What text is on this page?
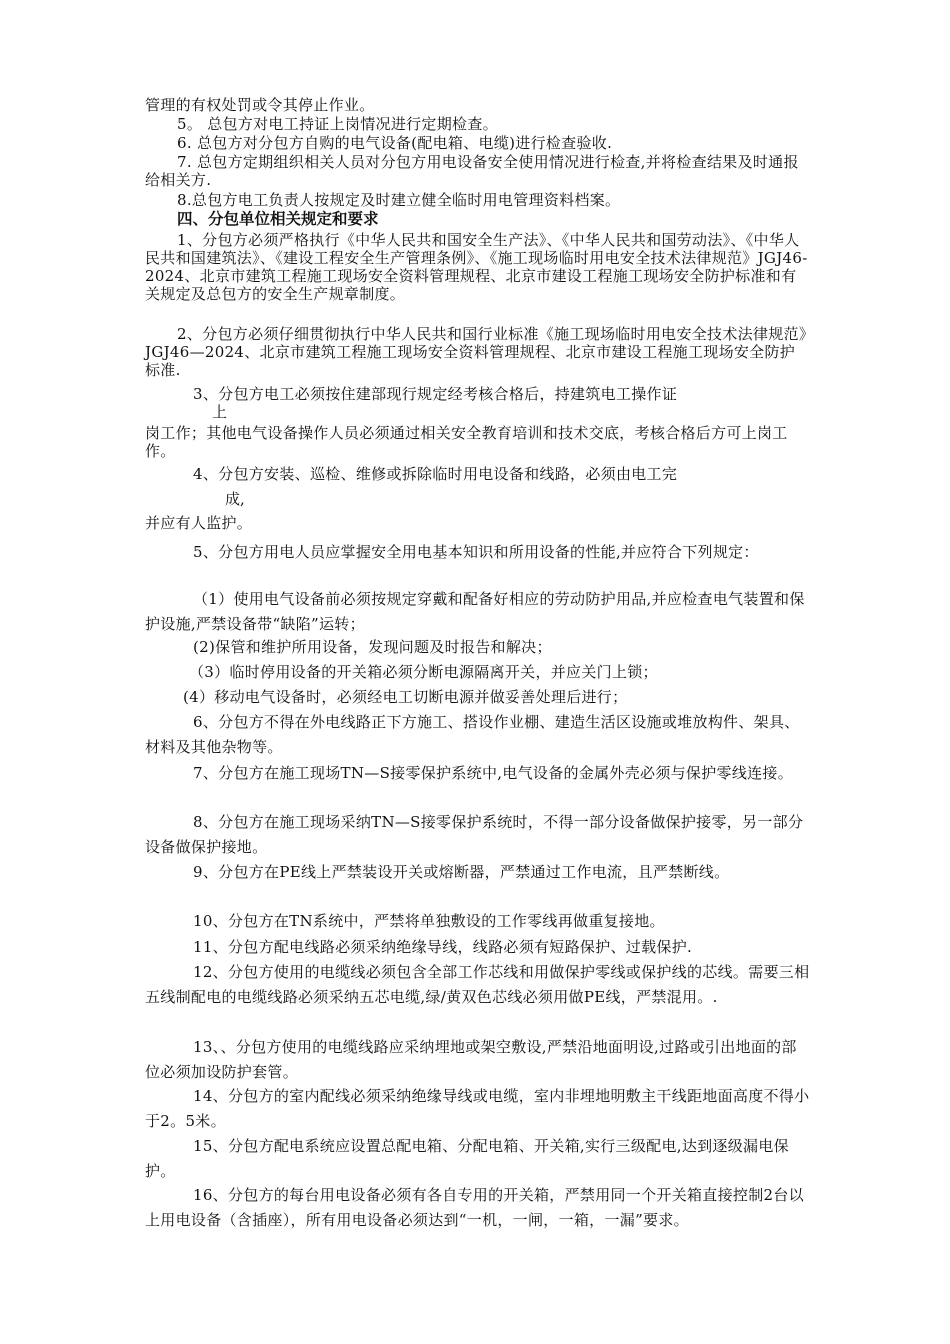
管理的有权处罚或令其停止作业。
5。 总包方对电工持证上岗情况进行定期检查。
6. 总包方对分包方自购的电气设备(配电箱、电缆)进行检查验收.
7. 总包方定期组织相关人员对分包方用电设备安全使用情况进行检查,并将检查结果及时通报给相关方.
8.总包方电工负责人按规定及时建立健全临时用电管理资料档案。
四、分包单位相关规定和要求
1、分包方必须严格执行《中华人民共和国安全生产法》、《中华人民共和国劳动法》、《中华人民共和国建筑法》、《建设工程安全生产管理条例》、《施工现场临时用电安全技术法律规范》JGJ46-2024、北京市建筑工程施工现场安全资料管理规程、北京市建设工程施工现场安全防护标准和有关规定及总包方的安全生产规章制度。
2、分包方必须仔细贯彻执行中华人民共和国行业标准《施工现场临时用电安全技术法律规范》JGJ46—2024、北京市建筑工程施工现场安全资料管理规程、北京市建设工程施工现场安全防护标准.
3、分包方电工必须按住建部现行规定经考核合格后，持建筑电工操作证
上
岗工作；其他电气设备操作人员必须通过相关安全教育培训和技术交底，考核合格后方可上岗工作。
4、分包方安装、巡检、维修或拆除临时用电设备和线路，必须由电工完
成,
并应有人监护。
5、分包方用电人员应掌握安全用电基本知识和所用设备的性能,并应符合下列规定：
（1）使用电气设备前必须按规定穿戴和配备好相应的劳动防护用品,并应检查电气装置和保护设施,严禁设备带“缺陷”运转；
(2)保管和维护所用设备，发现问题及时报告和解决；
（3）临时停用设备的开关箱必须分断电源隔离开关，并应关门上锁；
(4）移动电气设备时，必须经电工切断电源并做妥善处理后进行；
6、分包方不得在外电线路正下方施工、搭设作业棚、建造生活区设施或堆放构件、架具、材料及其他杂物等。
7、分包方在施工现场TN—S接零保护系统中,电气设备的金属外壳必须与保护零线连接。
8、分包方在施工现场采纳TN—S接零保护系统时，不得一部分设备做保护接零，另一部分设备做保护接地。
9、分包方在PE线上严禁装设开关或熔断器，严禁通过工作电流，且严禁断线。
10、分包方在TN系统中，严禁将单独敷设的工作零线再做重复接地。
11、分包方配电线路必须采纳绝缘导线，线路必须有短路保护、过载保护.
12、分包方使用的电缆线必须包含全部工作芯线和用做保护零线或保护线的芯线。需要三相五线制配电的电缆线路必须采纳五芯电缆,绿/黄双色芯线必须用做PE线，严禁混用。.
13、、分包方使用的电缆线路应采纳埋地或架空敷设,严禁沿地面明设,过路或引出地面的部位必须加设防护套管。
14、分包方的室内配线必须采纳绝缘导线或电缆，室内非埋地明敷主干线距地面高度不得小于2。5米。
15、分包方配电系统应设置总配电箱、分配电箱、开关箱,实行三级配电,达到逐级漏电保护。
16、分包方的每台用电设备必须有各自专用的开关箱，严禁用同一个开关箱直接控制2台以上用电设备（含插座），所有用电设备必须达到“一机，一闸，一箱，一漏”要求。
